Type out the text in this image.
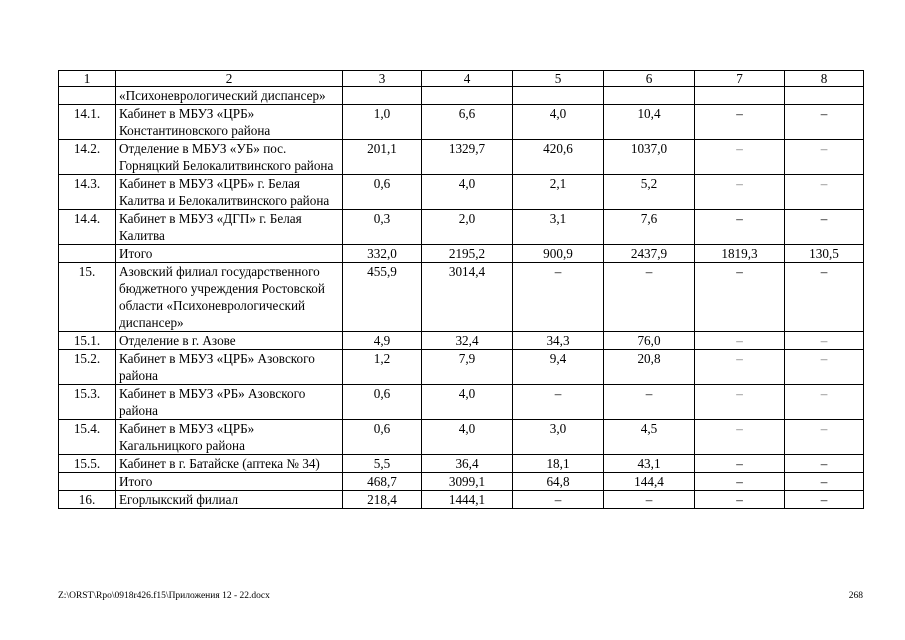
1	2	3	4	5	6	7	8
	«Психоневрологический диспансер»						
14.1.	Кабинет в МБУЗ «ЦРБ» Константиновского района	1,0	6,6	4,0	10,4	–	–
14.2.	Отделение в МБУЗ «УБ» пос. Горняцкий Белокалитвинского района	201,1	1329,7	420,6	1037,0	–	–
14.3.	Кабинет в МБУЗ «ЦРБ» г. Белая Калитва и Белокалитвинского района	0,6	4,0	2,1	5,2	–	–
14.4.	Кабинет в МБУЗ «ДГП» г. Белая Калитва	0,3	2,0	3,1	7,6	–	–
	Итого	332,0	2195,2	900,9	2437,9	1819,3	130,5
15.	Азовский филиал государственного бюджетного учреждения Ростовской области «Психоневрологический диспансер»	455,9	3014,4	–	–	–	–
15.1.	Отделение в г. Азове	4,9	32,4	34,3	76,0	–	–
15.2.	Кабинет в МБУЗ «ЦРБ» Азовского района	1,2	7,9	9,4	20,8	–	–
15.3.	Кабинет в МБУЗ «РБ» Азовского района	0,6	4,0	–	–	–	–
15.4.	Кабинет в МБУЗ «ЦРБ» Кагальницкого района	0,6	4,0	3,0	4,5	–	–
15.5.	Кабинет в г. Батайске (аптека № 34)	5,5	36,4	18,1	43,1	–	–
	Итого	468,7	3099,1	64,8	144,4	–	–
16.	Егорлыкский филиал	218,4	1444,1	–	–	–	–
Z:\ORST\Rpo\0918r426.f15\Приложения 12 - 22.docx	268
